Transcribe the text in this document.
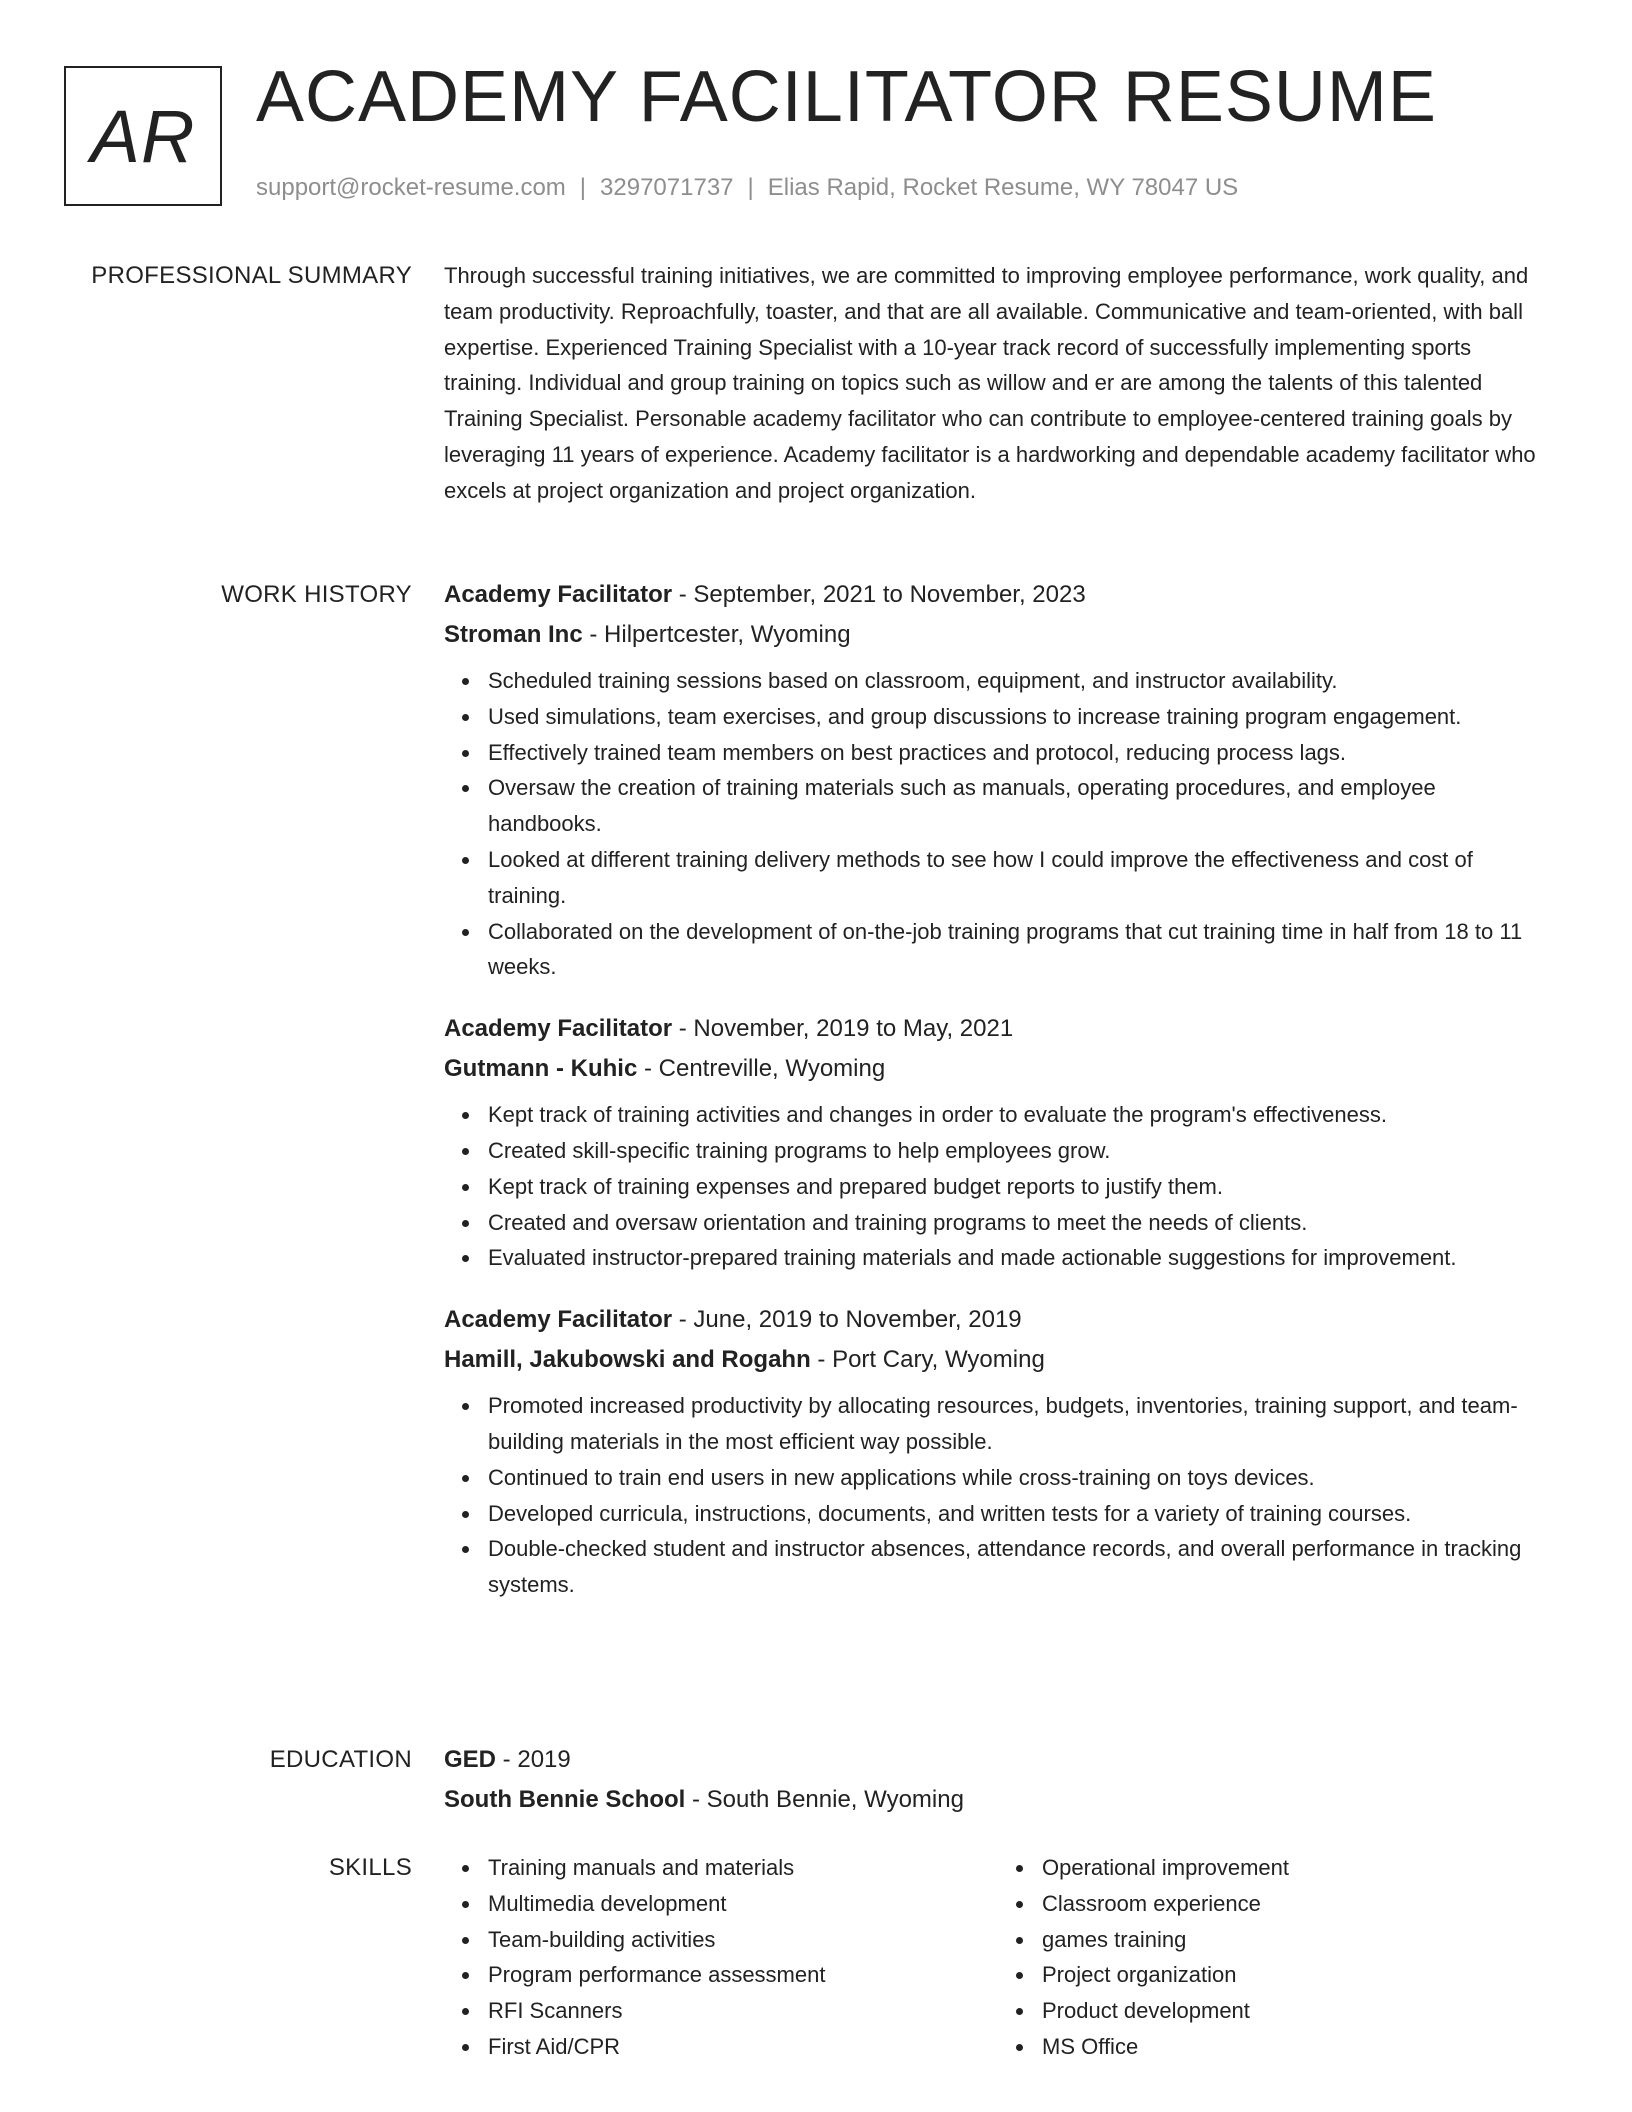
AR ACADEMY FACILITATOR RESUME
support@rocket-resume.com | 3297071737 | Elias Rapid, Rocket Resume, WY 78047 US
PROFESSIONAL SUMMARY Through successful training initiatives, we are committed to improving employee performance, work quality, and team productivity. Reproachfully, toaster, and that are all available. Communicative and team-oriented, with ball expertise. Experienced Training Specialist with a 10-year track record of successfully implementing sports training. Individual and group training on topics such as willow and er are among the talents of this talented Training Specialist. Personable academy facilitator who can contribute to employee-centered training goals by leveraging 11 years of experience. Academy facilitator is a hardworking and dependable academy facilitator who excels at project organization and project organization.

WORK HISTORY Academy Facilitator - September, 2021 to November, 2023
Stroman Inc - Hilpertcester, Wyoming
Scheduled training sessions based on classroom, equipment, and instructor availability.
Used simulations, team exercises, and group discussions to increase training program engagement.
Effectively trained team members on best practices and protocol, reducing process lags.
Oversaw the creation of training materials such as manuals, operating procedures, and employee handbooks.
Looked at different training delivery methods to see how I could improve the effectiveness and cost of training.
Collaborated on the development of on-the-job training programs that cut training time in half from 18 to 11 weeks.
Academy Facilitator - November, 2019 to May, 2021
Gutmann - Kuhic - Centreville, Wyoming
Kept track of training activities and changes in order to evaluate the program's effectiveness.
Created skill-specific training programs to help employees grow.
Kept track of training expenses and prepared budget reports to justify them.
Created and oversaw orientation and training programs to meet the needs of clients.
Evaluated instructor-prepared training materials and made actionable suggestions for improvement.
Academy Facilitator - June, 2019 to November, 2019
Hamill, Jakubowski and Rogahn - Port Cary, Wyoming
Promoted increased productivity by allocating resources, budgets, inventories, training support, and team-building materials in the most efficient way possible.
Continued to train end users in new applications while cross-training on toys devices.
Developed curricula, instructions, documents, and written tests for a variety of training courses.
Double-checked student and instructor absences, attendance records, and overall performance in tracking systems.
EDUCATION GED - 2019
South Bennie School - South Bennie, Wyoming
SKILLS	Training manuals and materials
Multimedia development
Team-building activities
Program performance assessment
RFI Scanners
First Aid/CPR
Operational improvement
Classroom experience
games training
Project organization
Product development
MS Office
